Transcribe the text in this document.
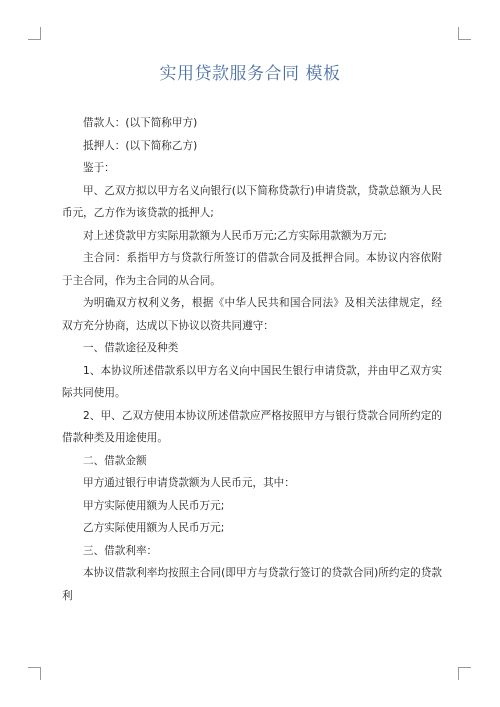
实用贷款服务合同 模板

借款人：(以下简称甲方)

抵押人：(以下简称乙方)

鉴于：

甲、乙双方拟以甲方名义向银行(以下简称贷款行)申请贷款，贷款总额为人民币元，乙方作为该贷款的抵押人;

对上述贷款甲方实际用款额为人民币万元;乙方实际用款额为万元;

主合同：系指甲方与贷款行所签订的借款合同及抵押合同。本协议内容依附于主合同，作为主合同的从合同。

为明确双方权利义务，根据《中华人民共和国合同法》及相关法律规定，经双方充分协商，达成以下协议以资共同遵守：

一、借款途径及种类

1、本协议所述借款系以甲方名义向中国民生银行申请贷款，并由甲乙双方实际共同使用。

2、甲、乙双方使用本协议所述借款应严格按照甲方与银行贷款合同所约定的借款种类及用途使用。

二、借款金额

甲方通过银行申请贷款额为人民币元，其中：

甲方实际使用额为人民币万元;

乙方实际使用额为人民币万元;

三、借款利率：

本协议借款利率均按照主合同(即甲方与贷款行签订的贷款合同)所约定的贷款利
